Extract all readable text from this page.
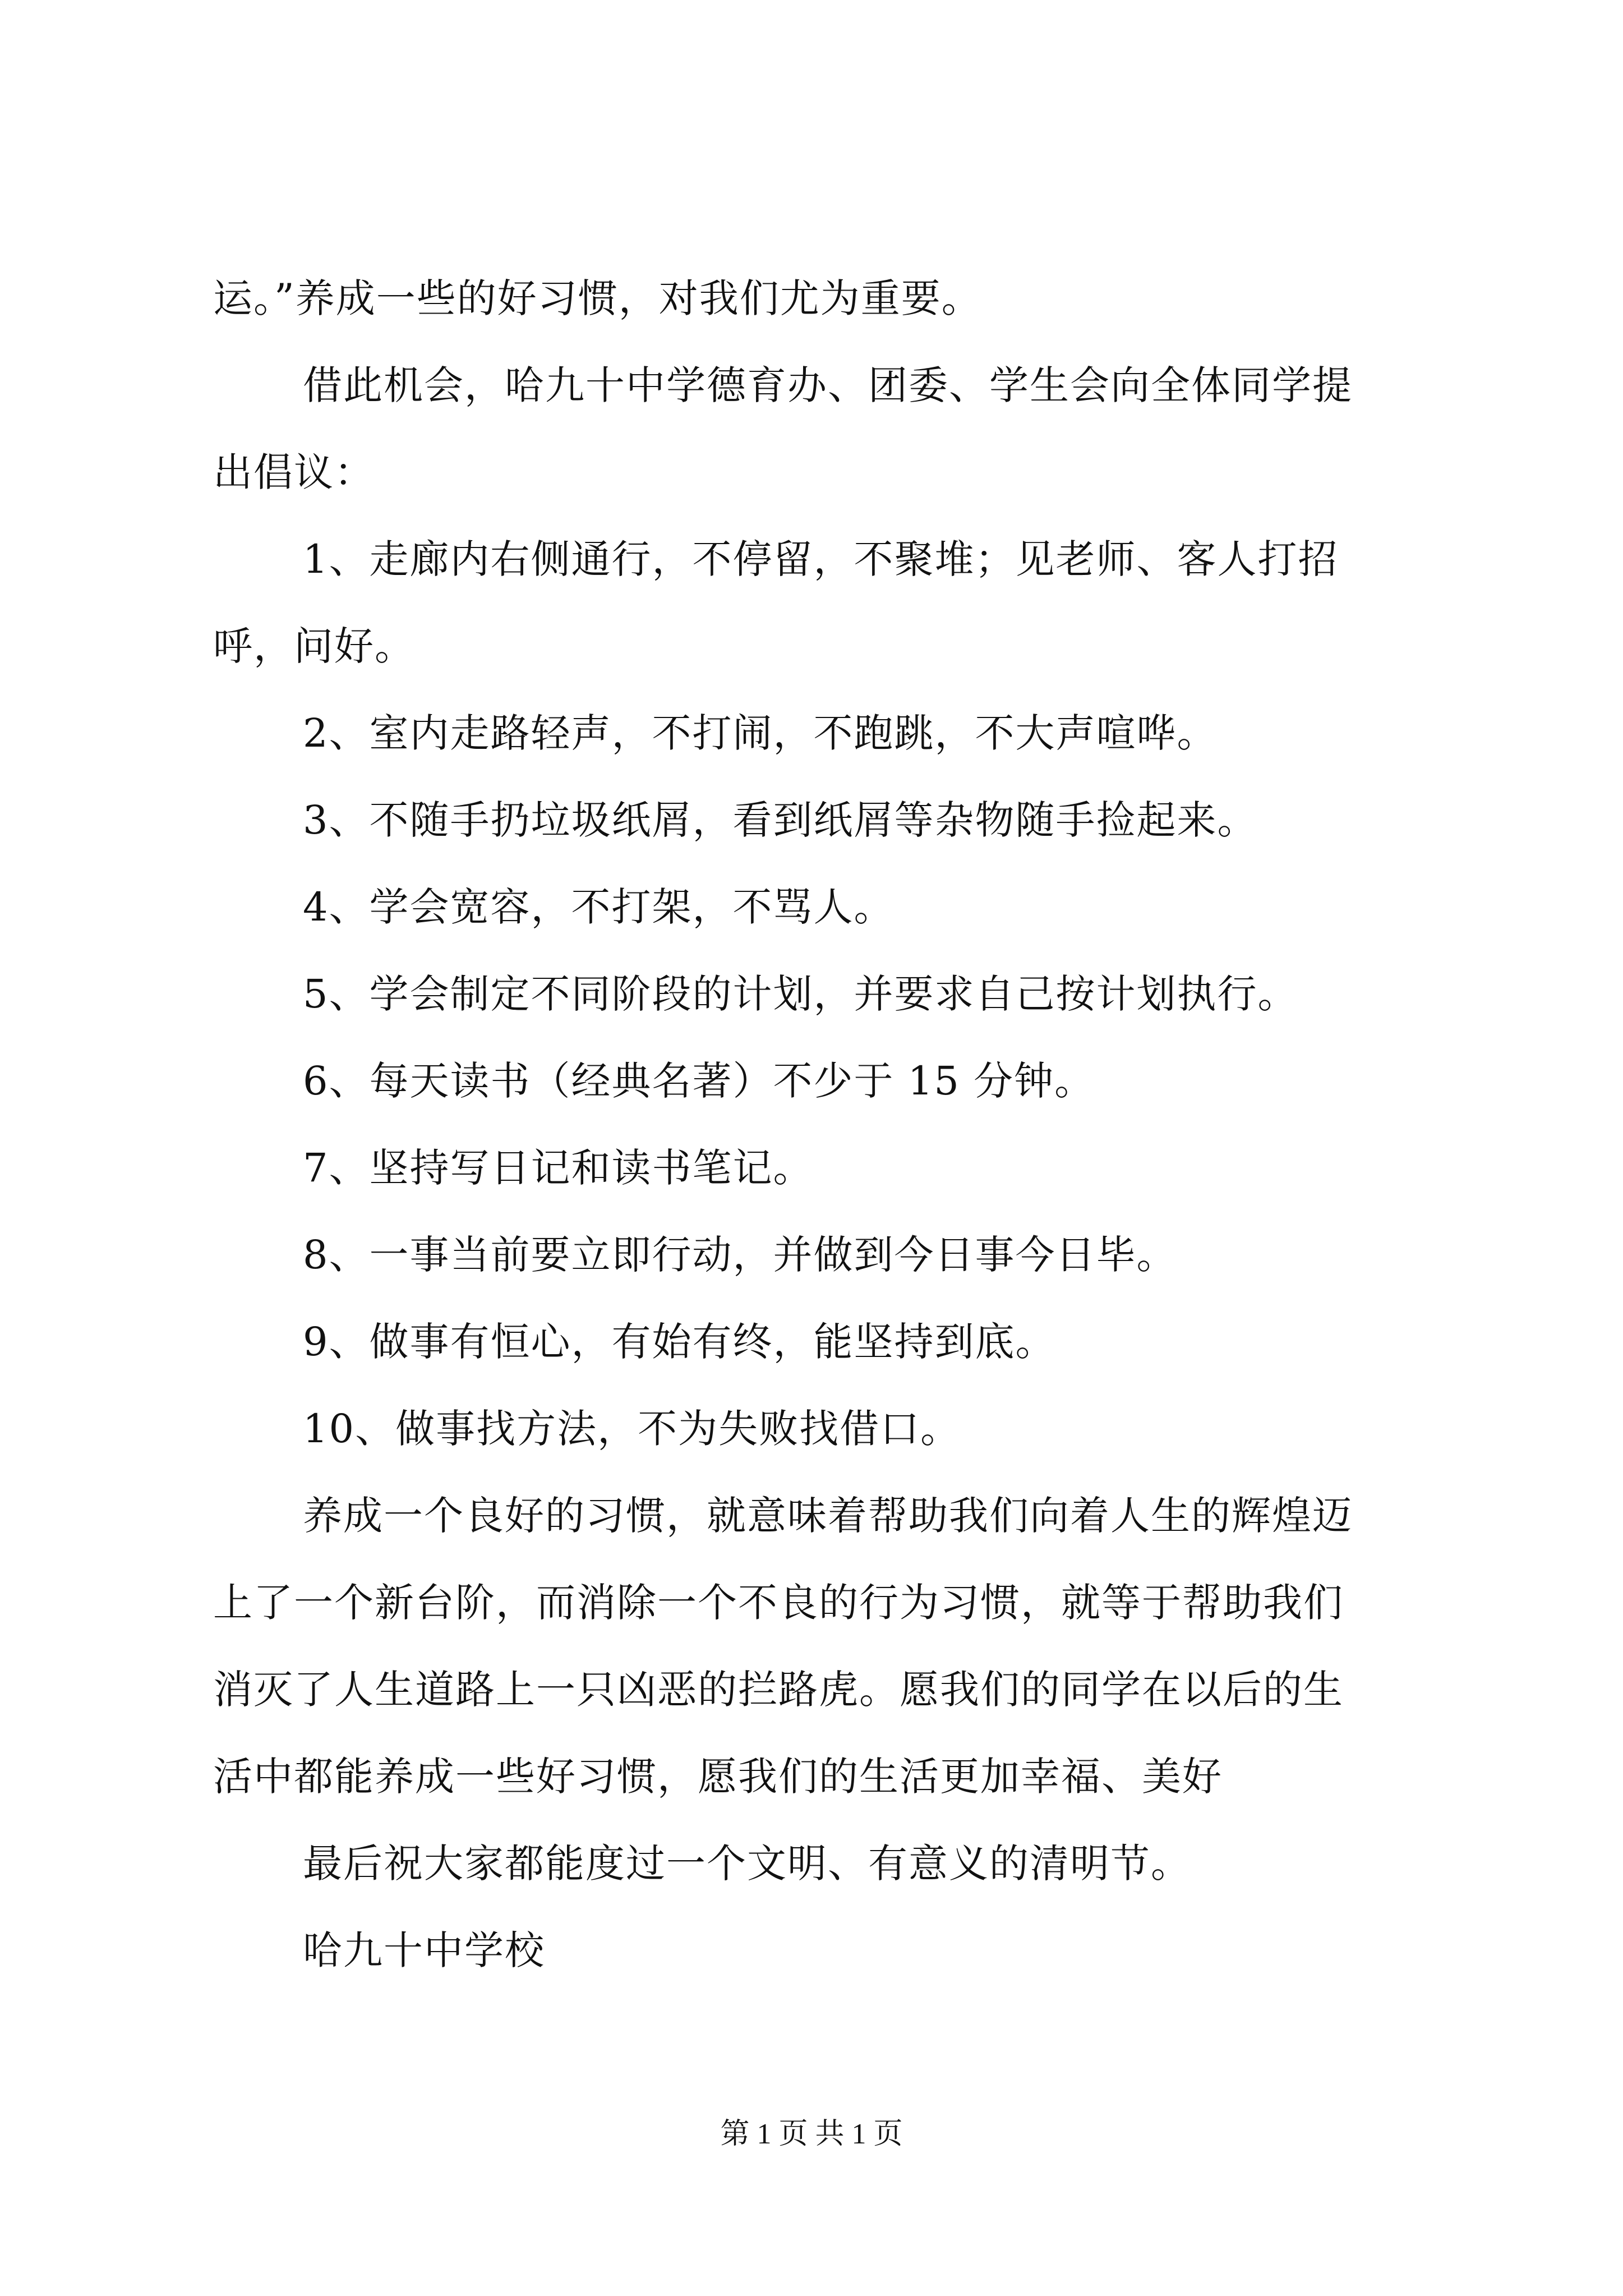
运。”养成一些的好习惯，对我们尤为重要。
借此机会，哈九十中学德育办、团委、学生会向全体同学提
出倡议：
1、走廊内右侧通行，不停留，不聚堆；见老师、客人打招
呼，问好。
2、室内走路轻声，不打闹，不跑跳，不大声喧哗。
3、不随手扔垃圾纸屑，看到纸屑等杂物随手捡起来。
4、学会宽容，不打架，不骂人。
5、学会制定不同阶段的计划，并要求自己按计划执行。
6、每天读书（经典名著）不少于 15 分钟。
7、坚持写日记和读书笔记。
8、一事当前要立即行动，并做到今日事今日毕。
9、做事有恒心，有始有终，能坚持到底。
10、做事找方法，不为失败找借口。
养成一个良好的习惯，就意味着帮助我们向着人生的辉煌迈
上了一个新台阶，而消除一个不良的行为习惯，就等于帮助我们
消灭了人生道路上一只凶恶的拦路虎。愿我们的同学在以后的生
活中都能养成一些好习惯，愿我们的生活更加幸福、美好
最后祝大家都能度过一个文明、有意义的清明节。
哈九十中学校
第 1 页 共 1 页
